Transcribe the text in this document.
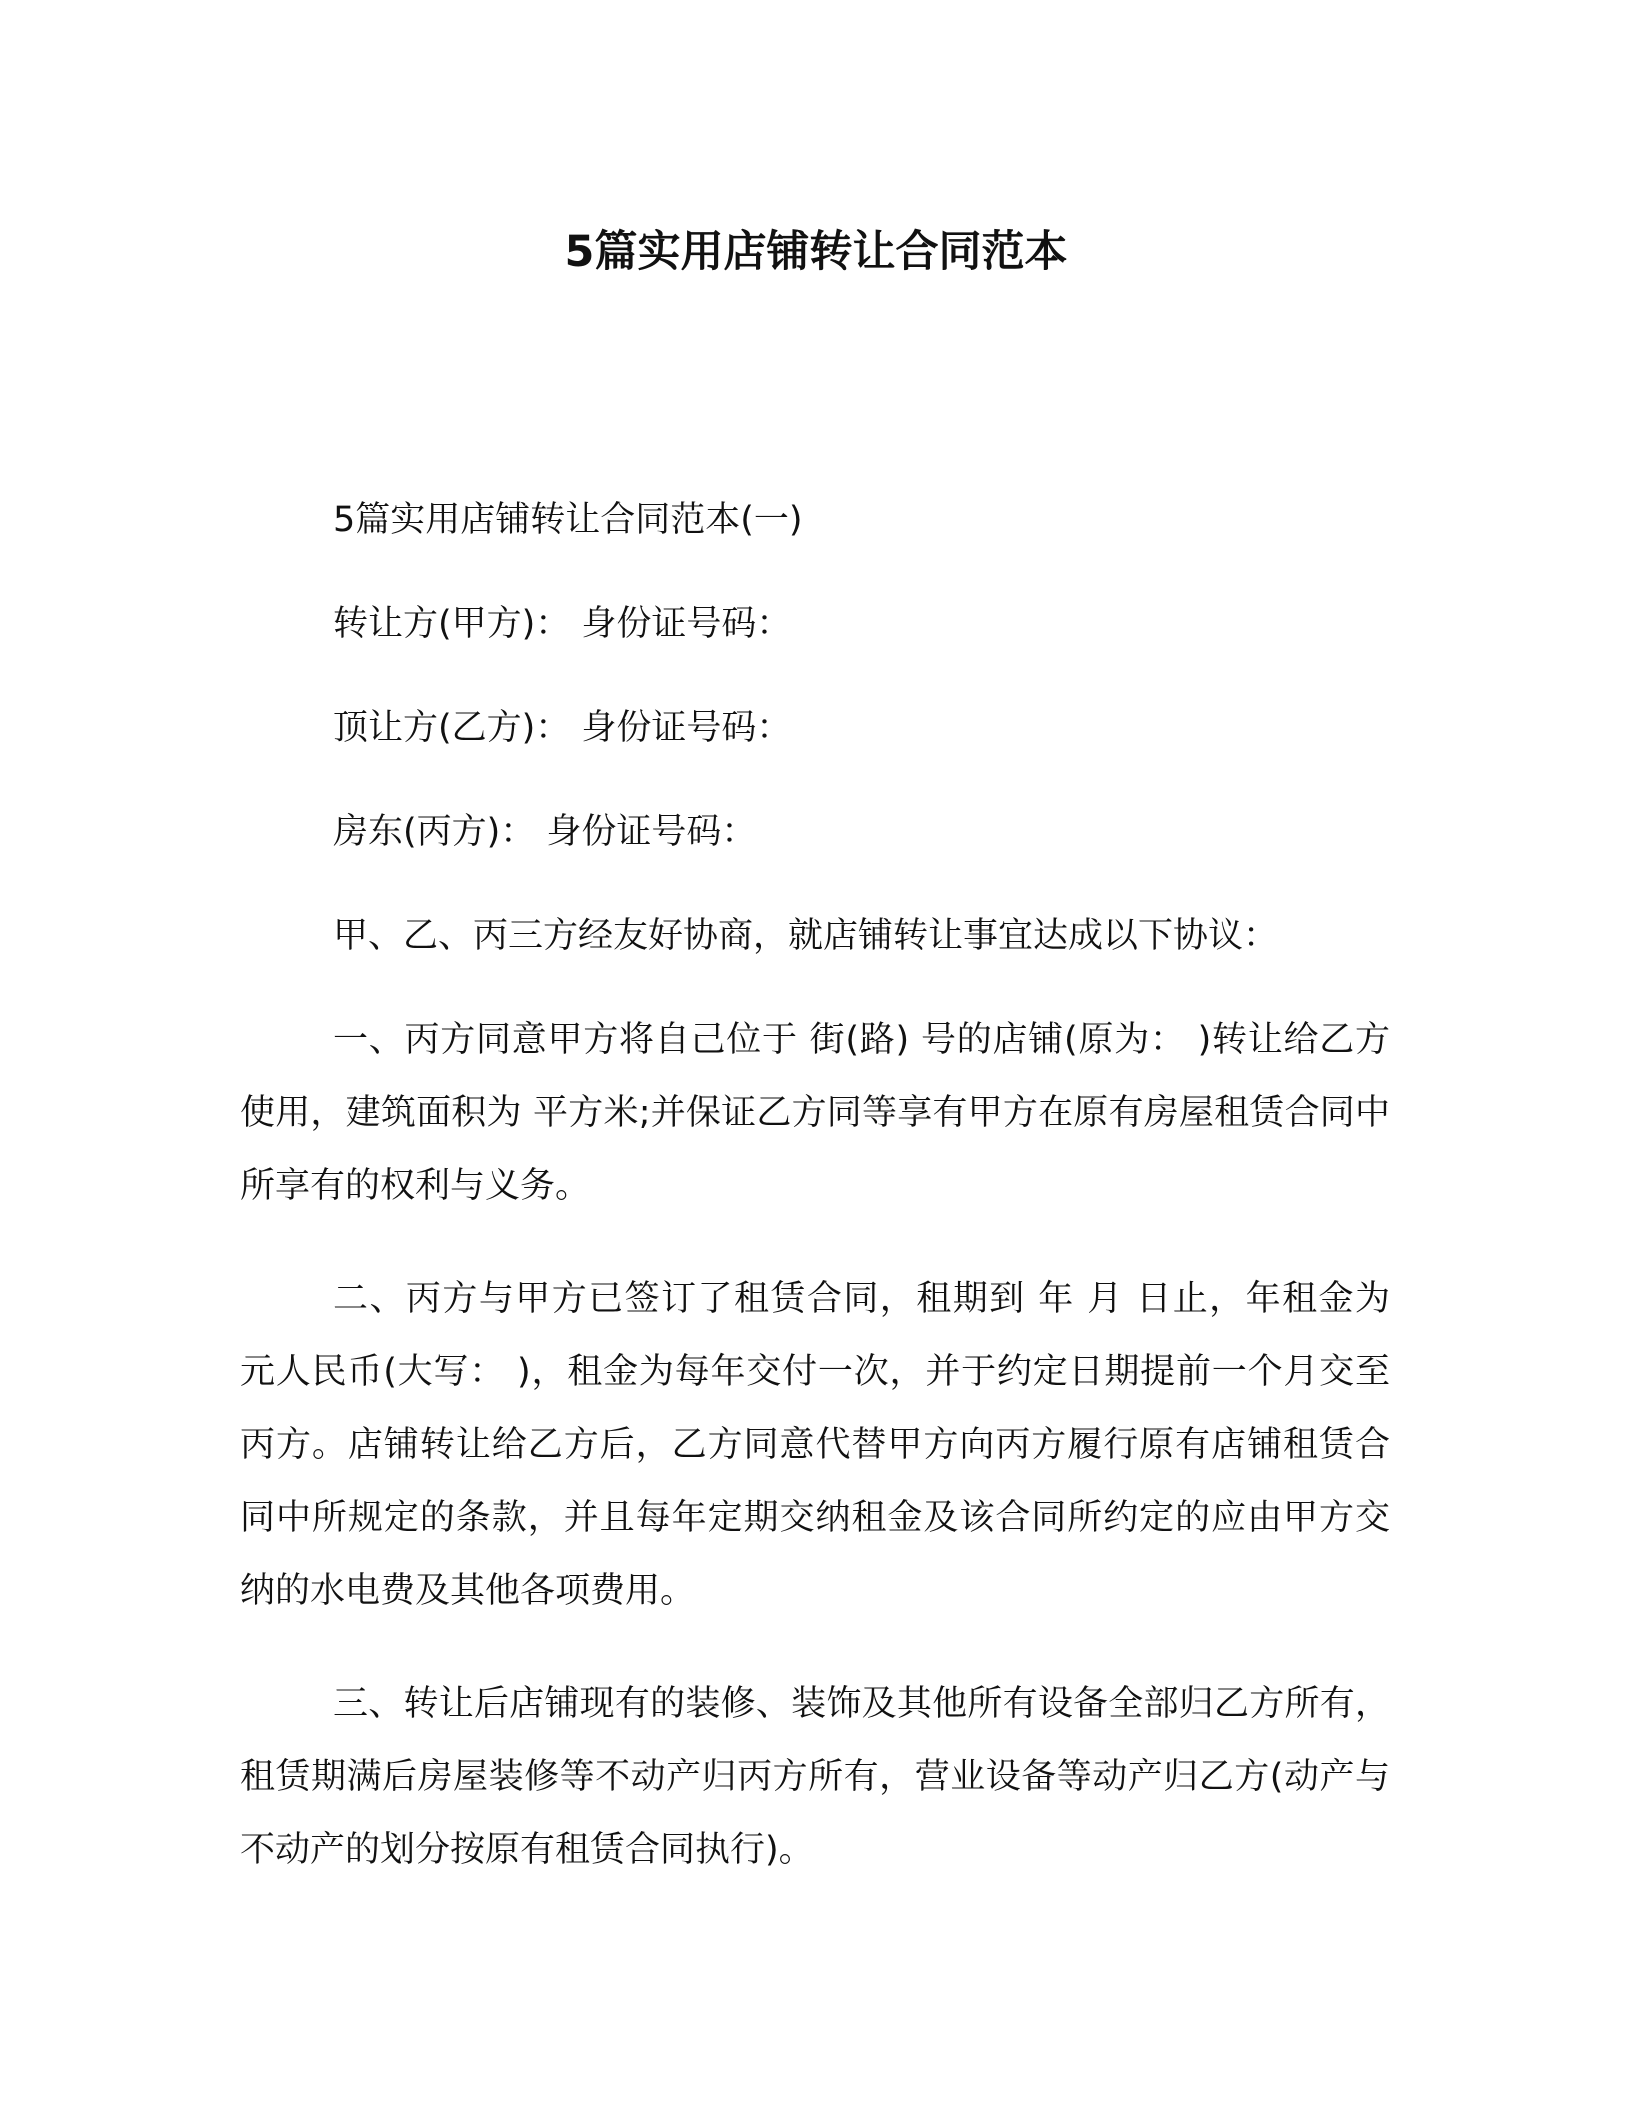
5篇实用店铺转让合同范本

5篇实用店铺转让合同范本(一)

转让方(甲方)： 身份证号码：

顶让方(乙方)： 身份证号码：

房东(丙方)： 身份证号码：

甲、乙、丙三方经友好协商，就店铺转让事宜达成以下协议：

一、丙方同意甲方将自己位于 街(路) 号的店铺(原为： )转让给乙方使用，建筑面积为 平方米;并保证乙方同等享有甲方在原有房屋租赁合同中所享有的权利与义务。

二、丙方与甲方已签订了租赁合同，租期到 年 月 日止，年租金为 元人民币(大写： )，租金为每年交付一次，并于约定日期提前一个月交至丙方。店铺转让给乙方后，乙方同意代替甲方向丙方履行原有店铺租赁合同中所规定的条款，并且每年定期交纳租金及该合同所约定的应由甲方交纳的水电费及其他各项费用。

三、转让后店铺现有的装修、装饰及其他所有设备全部归乙方所有，租赁期满后房屋装修等不动产归丙方所有，营业设备等动产归乙方(动产与不动产的划分按原有租赁合同执行)。
